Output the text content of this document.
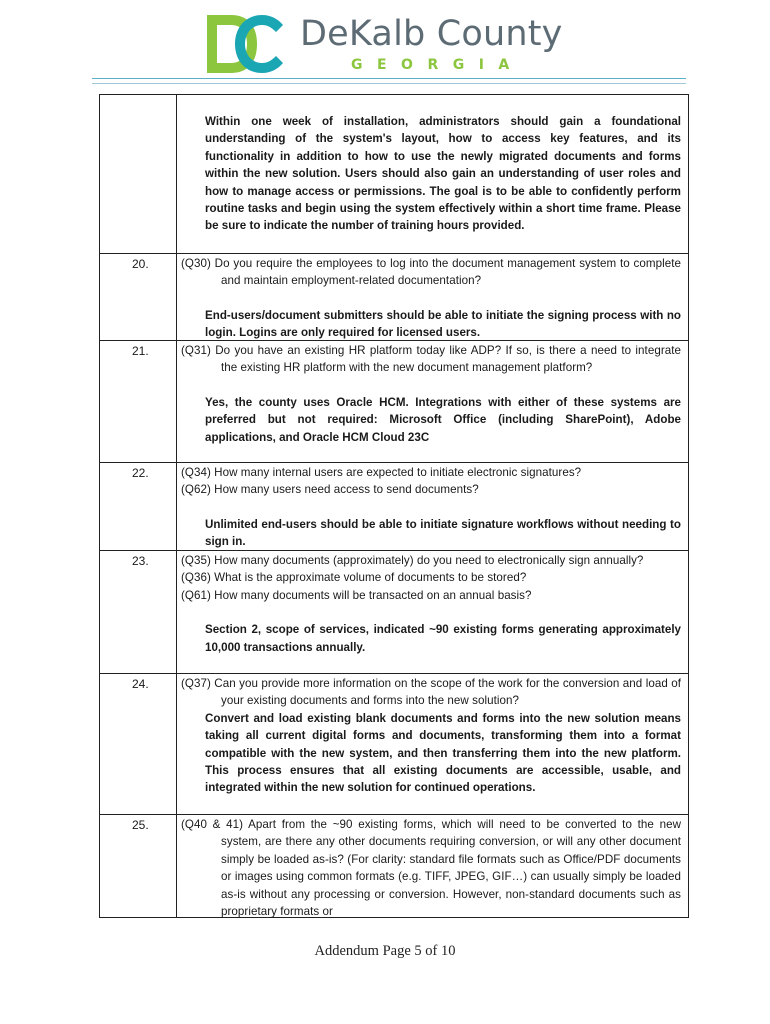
DeKalb County
GEORGIA
Within one week of installation, administrators should gain a foundational understanding of the system's layout, how to access key features, and its functionality in addition to how to use the newly migrated documents and forms within the new solution. Users should also gain an understanding of user roles and how to manage access or permissions. The goal is to be able to confidently perform routine tasks and begin using the system effectively within a short time frame. Please be sure to indicate the number of training hours provided.
20.	(Q30) Do you require the employees to log into the document management system to complete and maintain employment-related documentation?
End-users/document submitters should be able to initiate the signing process with no login. Logins are only required for licensed users.
21.	(Q31) Do you have an existing HR platform today like ADP? If so, is there a need to integrate the existing HR platform with the new document management platform?
Yes, the county uses Oracle HCM. Integrations with either of these systems are preferred but not required: Microsoft Office (including SharePoint), Adobe applications, and Oracle HCM Cloud 23C
22.	(Q34) How many internal users are expected to initiate electronic signatures?
(Q62) How many users need access to send documents?
Unlimited end-users should be able to initiate signature workflows without needing to sign in.
23.	(Q35) How many documents (approximately) do you need to electronically sign annually?
(Q36) What is the approximate volume of documents to be stored?
(Q61) How many documents will be transacted on an annual basis?
Section 2, scope of services, indicated ~90 existing forms generating approximately 10,000 transactions annually.
24.	(Q37) Can you provide more information on the scope of the work for the conversion and load of your existing documents and forms into the new solution?
Convert and load existing blank documents and forms into the new solution means taking all current digital forms and documents, transforming them into a format compatible with the new system, and then transferring them into the new platform. This process ensures that all existing documents are accessible, usable, and integrated within the new solution for continued operations.
25.	(Q40 & 41) Apart from the ~90 existing forms, which will need to be converted to the new system, are there any other documents requiring conversion, or will any other document simply be loaded as-is? (For clarity: standard file formats such as Office/PDF documents or images using common formats (e.g. TIFF, JPEG, GIF…) can usually simply be loaded as-is without any processing or conversion. However, non-standard documents such as proprietary formats or
Addendum Page 5 of 10
